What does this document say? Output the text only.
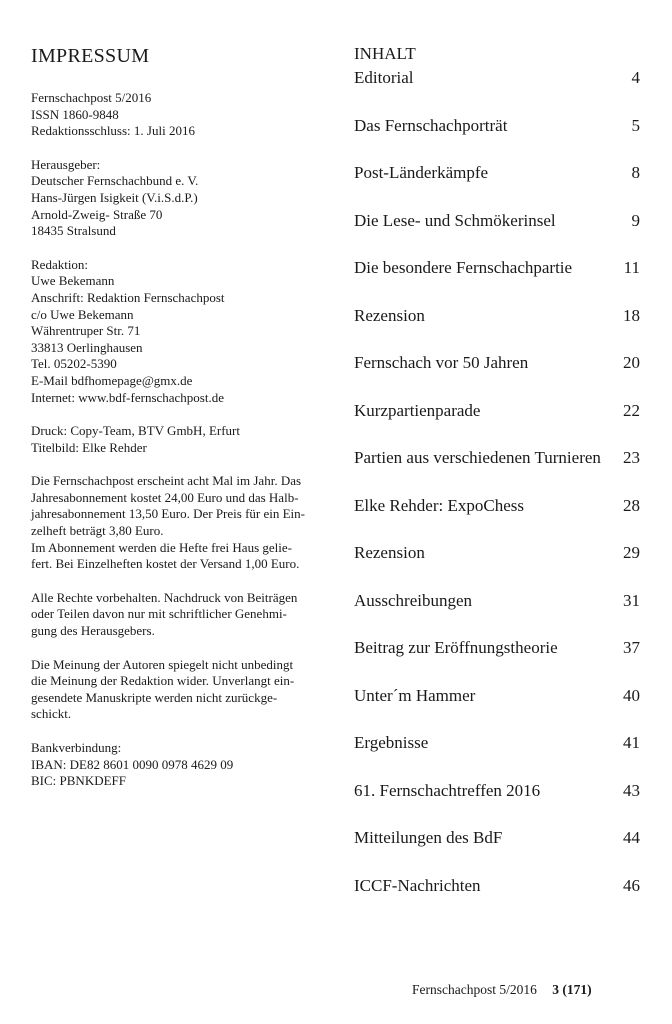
IMPRESSUM
Fernschachpost 5/2016
ISSN 1860-9848
Redaktionsschluss: 1. Juli 2016
Herausgeber:
Deutscher Fernschachbund e. V.
Hans-Jürgen Isigkeit (V.i.S.d.P.)
Arnold-Zweig- Straße 70
18435 Stralsund
Redaktion:
Uwe Bekemann
Anschrift: Redaktion Fernschachpost
c/o Uwe Bekemann
Währentruper Str. 71
33813 Oerlinghausen
Tel. 05202-5390
E-Mail bdfhomepage@gmx.de
Internet: www.bdf-fernschachpost.de
Druck: Copy-Team, BTV GmbH, Erfurt
Titelbild: Elke Rehder
Die Fernschachpost erscheint acht Mal im Jahr. Das
Jahresabonnement kostet 24,00 Euro und das Halb-
jahresabonnement 13,50 Euro. Der Preis für ein Ein-
zelheft beträgt 3,80 Euro.
Im Abonnement werden die Hefte frei Haus gelie-
fert. Bei Einzelheften kostet der Versand 1,00 Euro.
Alle Rechte vorbehalten. Nachdruck von Beiträgen
oder Teilen davon nur mit schriftlicher Genehmi-
gung des Herausgebers.
Die Meinung der Autoren spiegelt nicht unbedingt
die Meinung der Redaktion wider. Unverlangt ein-
gesendete Manuskripte werden nicht zurückge-
schickt.
Bankverbindung:
IBAN: DE82 8601 0090 0978 4629 09
BIC: PBNKDEFF
INHALT
Editorial	4
Das Fernschachporträt	5
Post-Länderkämpfe	8
Die Lese- und Schmökerinsel	9
Die besondere Fernschachpartie	11
Rezension	18
Fernschach vor 50 Jahren	20
Kurzpartienparade	22
Partien aus verschiedenen Turnieren 23
Elke Rehder: ExpoChess	28
Rezension	29
Ausschreibungen	31
Beitrag zur Eröffnungstheorie	37
Unter´m Hammer	40
Ergebnisse	41
61. Fernschachtreffen 2016	43
Mitteilungen des BdF	44
ICCF-Nachrichten	46
Fernschachpost 5/2016 3 (171)
